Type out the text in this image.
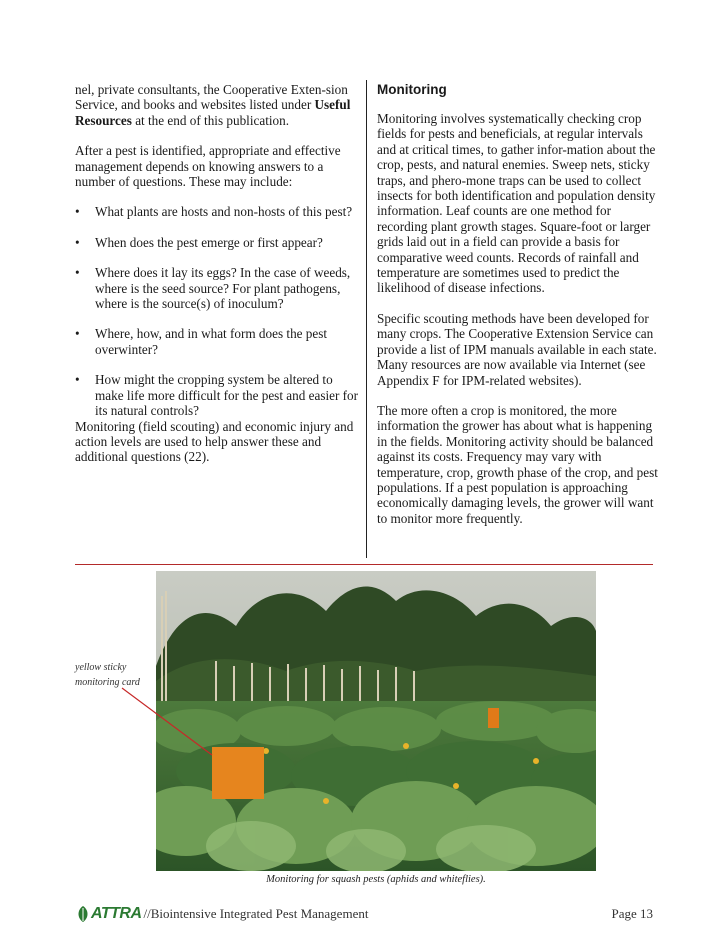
nel, private consultants, the Cooperative Exten-sion Service, and books and websites listed under Useful Resources at the end of this publication.

After a pest is identified, appropriate and effective management depends on knowing answers to a number of questions. These may include:

•	What plants are hosts and non-hosts of this pest?
•	When does the pest emerge or first appear?
•	Where does it lay its eggs? In the case of weeds, where is the seed source? For plant pathogens, where is the source(s) of inoculum?
•	Where, how, and in what form does the pest overwinter?
•	How might the cropping system be altered to make life more difficult for the pest and easier for its natural controls?

Monitoring (field scouting) and economic injury and action levels are used to help answer these and additional questions (22).

Monitoring

Monitoring involves systematically checking crop fields for pests and beneficials, at regular intervals and at critical times, to gather infor-mation about the crop, pests, and natural enemies. Sweep nets, sticky traps, and phero-mone traps can be used to collect insects for both identification and population density information. Leaf counts are one method for recording plant growth stages. Square-foot or larger grids laid out in a field can provide a basis for comparative weed counts. Records of rainfall and temperature are sometimes used to predict the likelihood of disease infections.

Specific scouting methods have been developed for many crops. The Cooperative Extension Service can provide a list of IPM manuals available in each state. Many resources are now available via Internet (see Appendix F for IPM-related websites).

The more often a crop is monitored, the more information the grower has about what is happening in the fields. Monitoring activity should be balanced against its costs. Frequency may vary with temperature, crop, growth phase of the crop, and pest populations. If a pest population is approaching economically damaging levels, the grower will want to monitor more frequently.

yellow sticky monitoring card
Monitoring for squash pests (aphids and whiteflies).
ATTRA //Biointensive Integrated Pest Management	Page 13
